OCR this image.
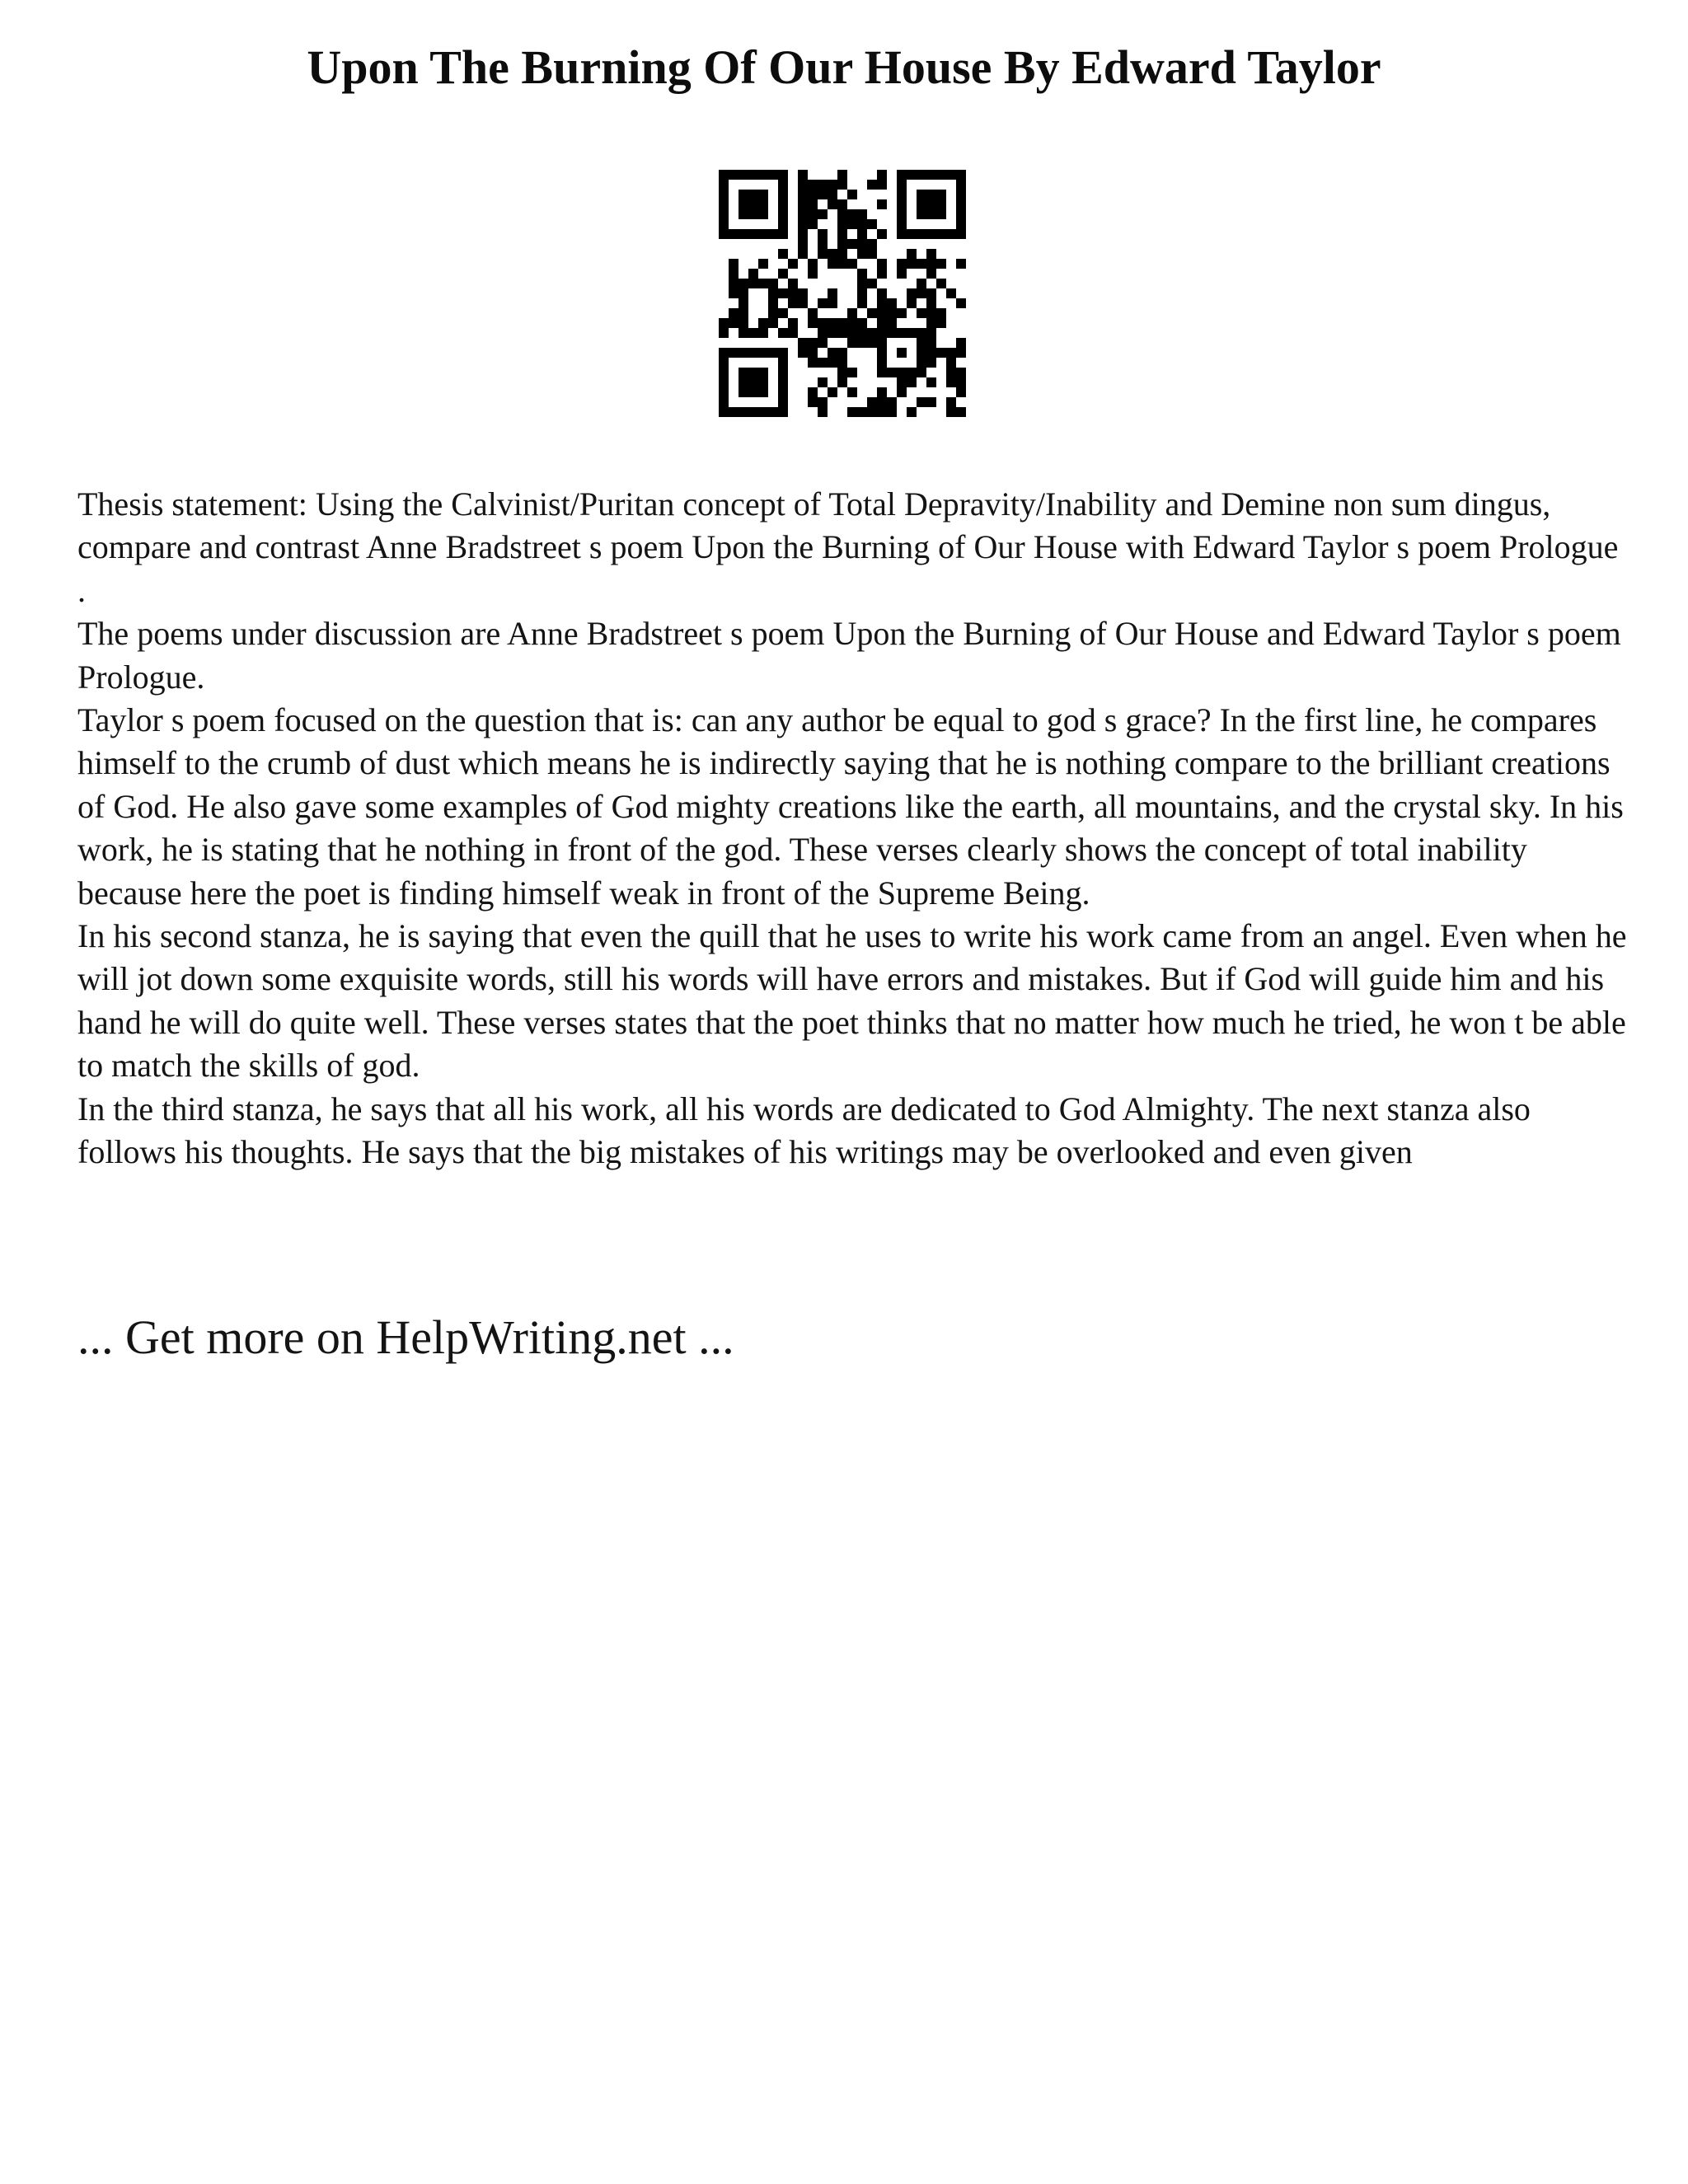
Upon The Burning Of Our House By Edward Taylor

Thesis statement: Using the Calvinist/Puritan concept of Total Depravity/Inability and Demine non sum dingus, compare and contrast Anne Bradstreet s poem Upon the Burning of Our House with Edward Taylor s poem Prologue .

The poems under discussion are Anne Bradstreet s poem Upon the Burning of Our House and Edward Taylor s poem Prologue.

Taylor s poem focused on the question that is: can any author be equal to god s grace? In the first line, he compares himself to the crumb of dust which means he is indirectly saying that he is nothing compare to the brilliant creations of God. He also gave some examples of God mighty creations like the earth, all mountains, and the crystal sky. In his work, he is stating that he nothing in front of the god. These verses clearly shows the concept of total inability because here the poet is finding himself weak in front of the Supreme Being.

In his second stanza, he is saying that even the quill that he uses to write his work came from an angel. Even when he will jot down some exquisite words, still his words will have errors and mistakes. But if God will guide him and his hand he will do quite well. These verses states that the poet thinks that no matter how much he tried, he won t be able to match the skills of god.

In the third stanza, he says that all his work, all his words are dedicated to God Almighty. The next stanza also follows his thoughts. He says that the big mistakes of his writings may be overlooked and even given

... Get more on HelpWriting.net ...
